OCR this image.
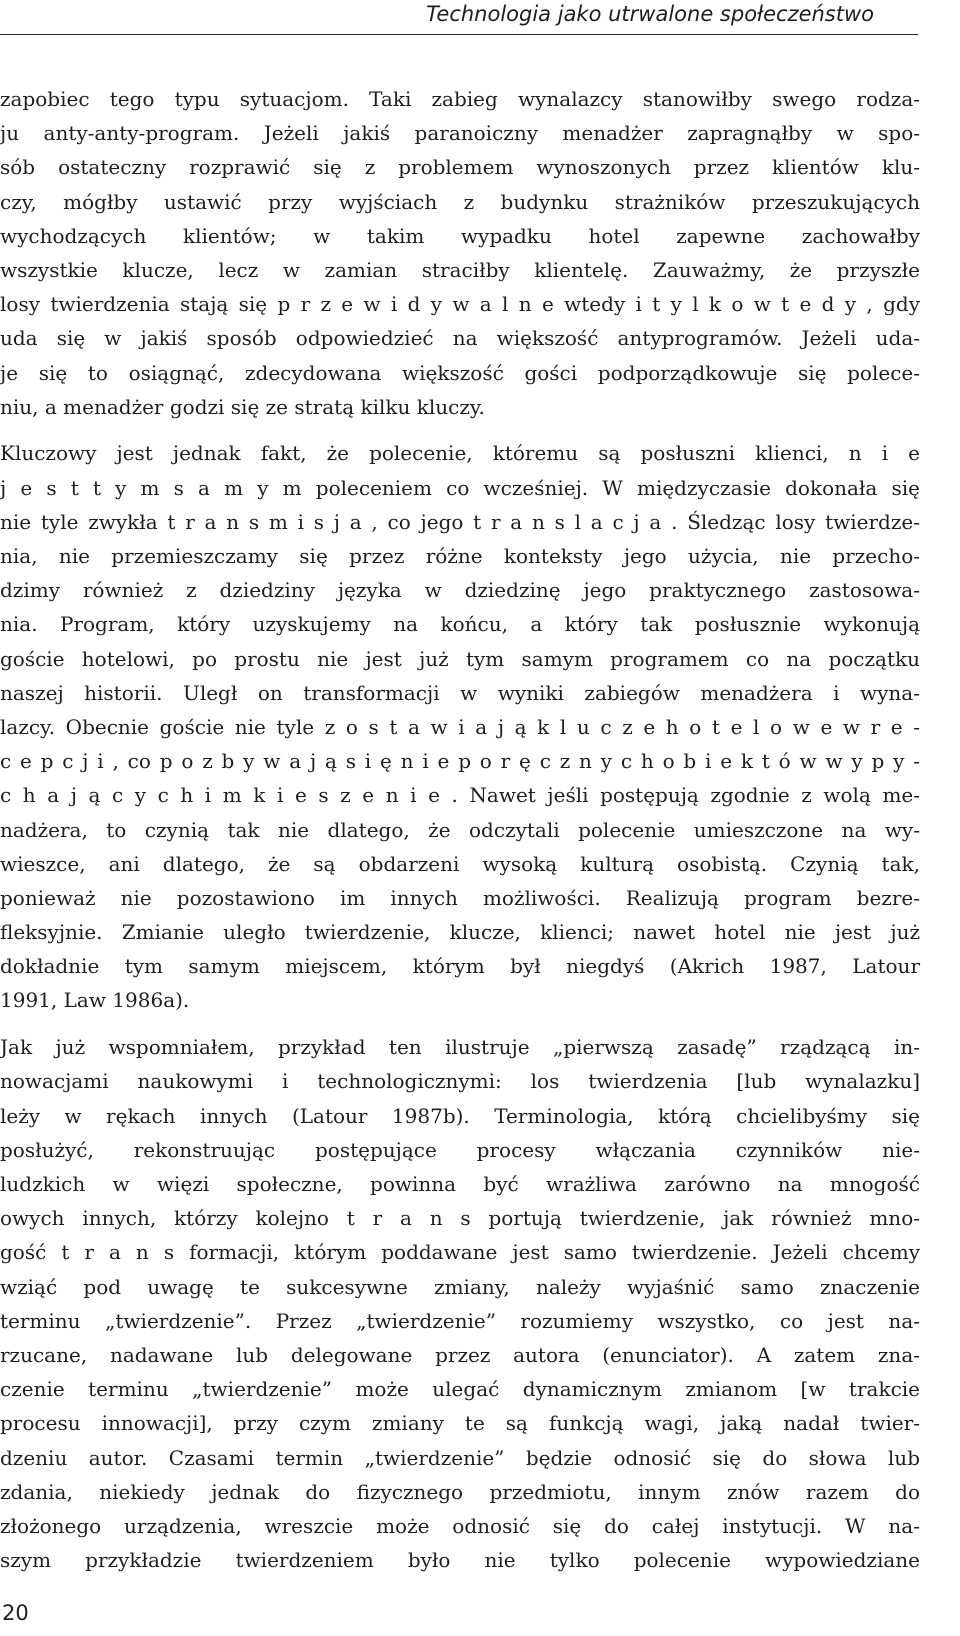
Technologia jako utrwalone społeczeństwo
zapobiec tego typu sytuacjom. Taki zabieg wynalazcy stanowiłby swego rodza-
ju anty-anty-program. Jeżeli jakiś paranoiczny menadżer zapragnąłby w spo-
sób ostateczny rozprawić się z problemem wynoszonych przez klientów klu-
czy, mógłby ustawić przy wyjściach z budynku strażników przeszukujących
wychodzących klientów; w takim wypadku hotel zapewne zachowałby
wszystkie klucze, lecz w zamian straciłby klientelę. Zauważmy, że przyszłe
losy twierdzenia stają się p r z e w i d y w a l n e wtedy i t y l k o w t e d y , gdy
uda się w jakiś sposób odpowiedzieć na większość antyprogramów. Jeżeli uda-
je się to osiągnąć, zdecydowana większość gości podporządkowuje się polece-
niu, a menadżer godzi się ze stratą kilku kluczy.
Kluczowy jest jednak fakt, że polecenie, któremu są posłuszni klienci, n i e
j e s t t y m s a m y m poleceniem co wcześniej. W międzyczasie dokonała się
nie tyle zwykła t r a n s m i s j a , co jego t r a n s l a c j a . Śledząc losy twierdze-
nia, nie przemieszczamy się przez różne konteksty jego użycia, nie przecho-
dzimy również z dziedziny języka w dziedzinę jego praktycznego zastosowa-
nia. Program, który uzyskujemy na końcu, a który tak posłusznie wykonują
goście hotelowi, po prostu nie jest już tym samym programem co na początku
naszej historii. Uległ on transformacji w wyniki zabiegów menadżera i wyna-
lazcy. Obecnie goście nie tyle z o s t a w i a j ą k l u c z e h o t e l o w e w r e -
c e p c j i , co p o z b y w a j ą s i ę n i e p o r ę c z n y c h o b i e k t ó w w y p y -
c h a j ą c y c h i m k i e s z e n i e . Nawet jeśli postępują zgodnie z wolą me-
nadżera, to czynią tak nie dlatego, że odczytali polecenie umieszczone na wy-
wieszce, ani dlatego, że są obdarzeni wysoką kulturą osobistą. Czynią tak,
ponieważ nie pozostawiono im innych możliwości. Realizują program bezre-
fleksyjnie. Zmianie uległo twierdzenie, klucze, klienci; nawet hotel nie jest już
dokładnie tym samym miejscem, którym był niegdyś (Akrich 1987, Latour
1991, Law 1986a).
Jak już wspomniałem, przykład ten ilustruje „pierwszą zasadę” rządzącą in-
nowacjami naukowymi i technologicznymi: los twierdzenia [lub wynalazku]
leży w rękach innych (Latour 1987b). Terminologia, którą chcielibyśmy się
posłużyć, rekonstruując postępujące procesy włączania czynników nie-
ludzkich w więzi społeczne, powinna być wrażliwa zarówno na mnogość
owych innych, którzy kolejno t r a n s portują twierdzenie, jak również mno-
gość t r a n s formacji, którym poddawane jest samo twierdzenie. Jeżeli chcemy
wziąć pod uwagę te sukcesywne zmiany, należy wyjaśnić samo znaczenie
terminu „twierdzenie”. Przez „twierdzenie” rozumiemy wszystko, co jest na-
rzucane, nadawane lub delegowane przez autora (enunciator). A zatem zna-
czenie terminu „twierdzenie” może ulegać dynamicznym zmianom [w trakcie
procesu innowacji], przy czym zmiany te są funkcją wagi, jaką nadał twier-
dzeniu autor. Czasami termin „twierdzenie” będzie odnosić się do słowa lub
zdania, niekiedy jednak do fizycznego przedmiotu, innym znów razem do
złożonego urządzenia, wreszcie może odnosić się do całej instytucji. W na-
szym przykładzie twierdzeniem było nie tylko polecenie wypowiedziane
20
